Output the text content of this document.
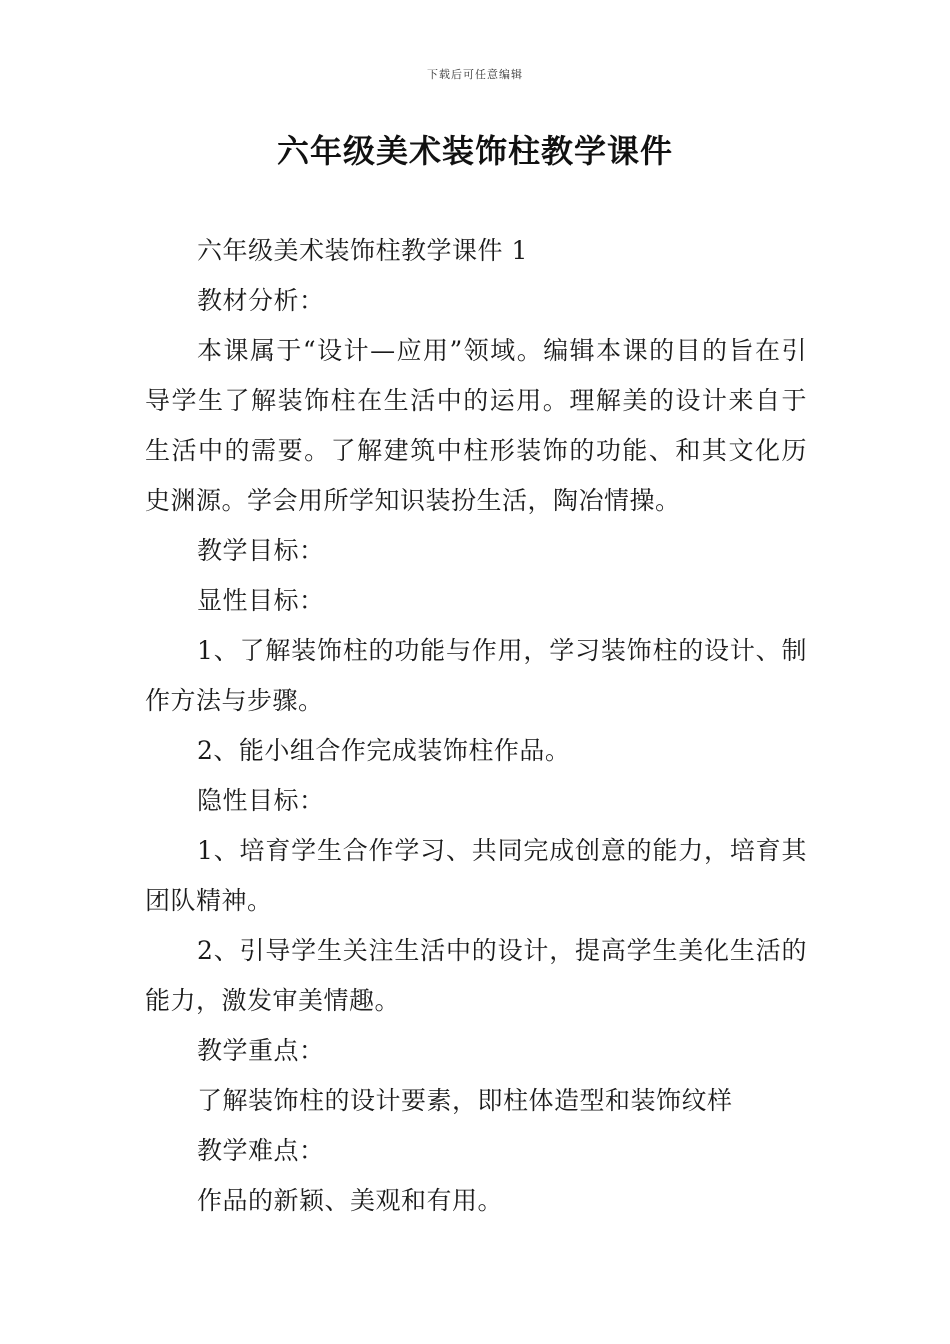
下载后可任意编辑
六年级美术装饰柱教学课件

六年级美术装饰柱教学课件 1

教材分析：

本课属于“设计—应用”领域。编辑本课的目的旨在引导学生了解装饰柱在生活中的运用。理解美的设计来自于生活中的需要。了解建筑中柱形装饰的功能、和其文化历史渊源。学会用所学知识装扮生活，陶冶情操。

教学目标：

显性目标：

1、了解装饰柱的功能与作用，学习装饰柱的设计、制作方法与步骤。

2、能小组合作完成装饰柱作品。

隐性目标：

1、培育学生合作学习、共同完成创意的能力，培育其团队精神。

2、引导学生关注生活中的设计，提高学生美化生活的能力，激发审美情趣。

教学重点：

了解装饰柱的设计要素，即柱体造型和装饰纹样

教学难点：

作品的新颖、美观和有用。
